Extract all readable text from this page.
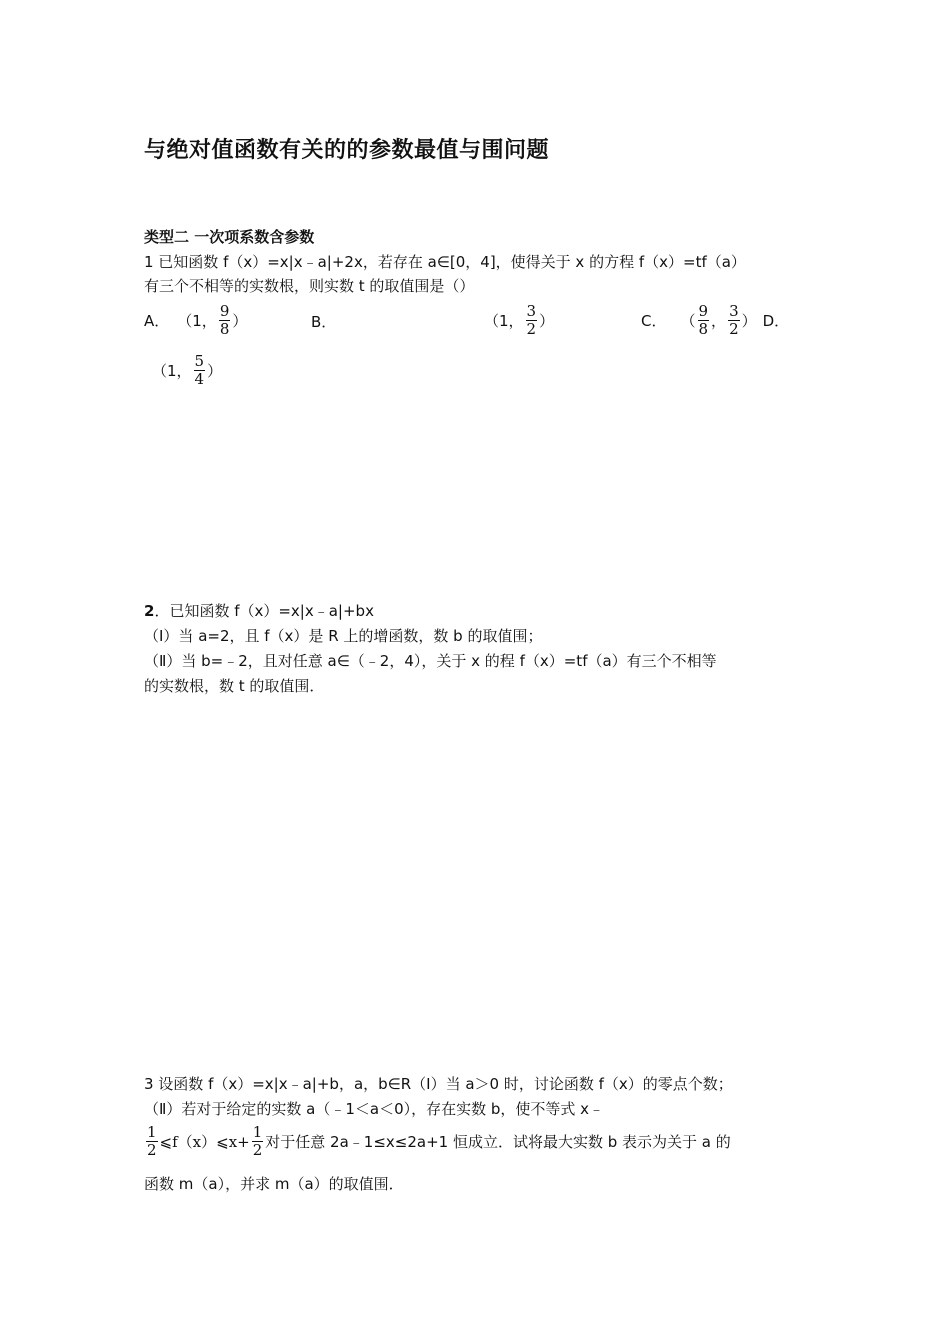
与绝对值函数有关的的参数最值与围问题
类型二 一次项系数含参数
1 已知函数 f（x）=x|x﹣a|+2x，若存在 a∈[0，4]，使得关于 x 的方程 f（x）=tf（a）
有三个不相等的实数根，则实数 t 的取值围是（）
A． （1， $\frac{9}{8}$ ）	B．	（1， $\frac{3}{2}$ ）	C． （ $\frac{9}{8}$ ， $\frac{3}{2}$ ） D．
（1， $\frac{5}{4}$ ）
2．已知函数 f（x）=x|x﹣a|+bx
（Ⅰ）当 a=2，且 f（x）是 R 上的增函数，数 b 的取值围；
（Ⅱ）当 b=﹣2，且对任意 a∈（﹣2，4），关于 x 的程 f（x）=tf（a）有三个不相等
的实数根，数 t 的取值围．
3 设函数 f（x）=x|x﹣a|+b，a，b∈R（Ⅰ）当 a＞0 时，讨论函数 f（x）的零点个数；
（Ⅱ）若对于给定的实数 a（﹣1＜a＜0），存在实数 b，使不等式 x﹣
$\frac{1}{2}$ ⩽f（x）⩽x+ $\frac{1}{2}$ 对于任意 2a﹣1≤x≤2a+1 恒成立．试将最大实数 b 表示为关于 a 的
函数 m（a），并求 m（a）的取值围．
